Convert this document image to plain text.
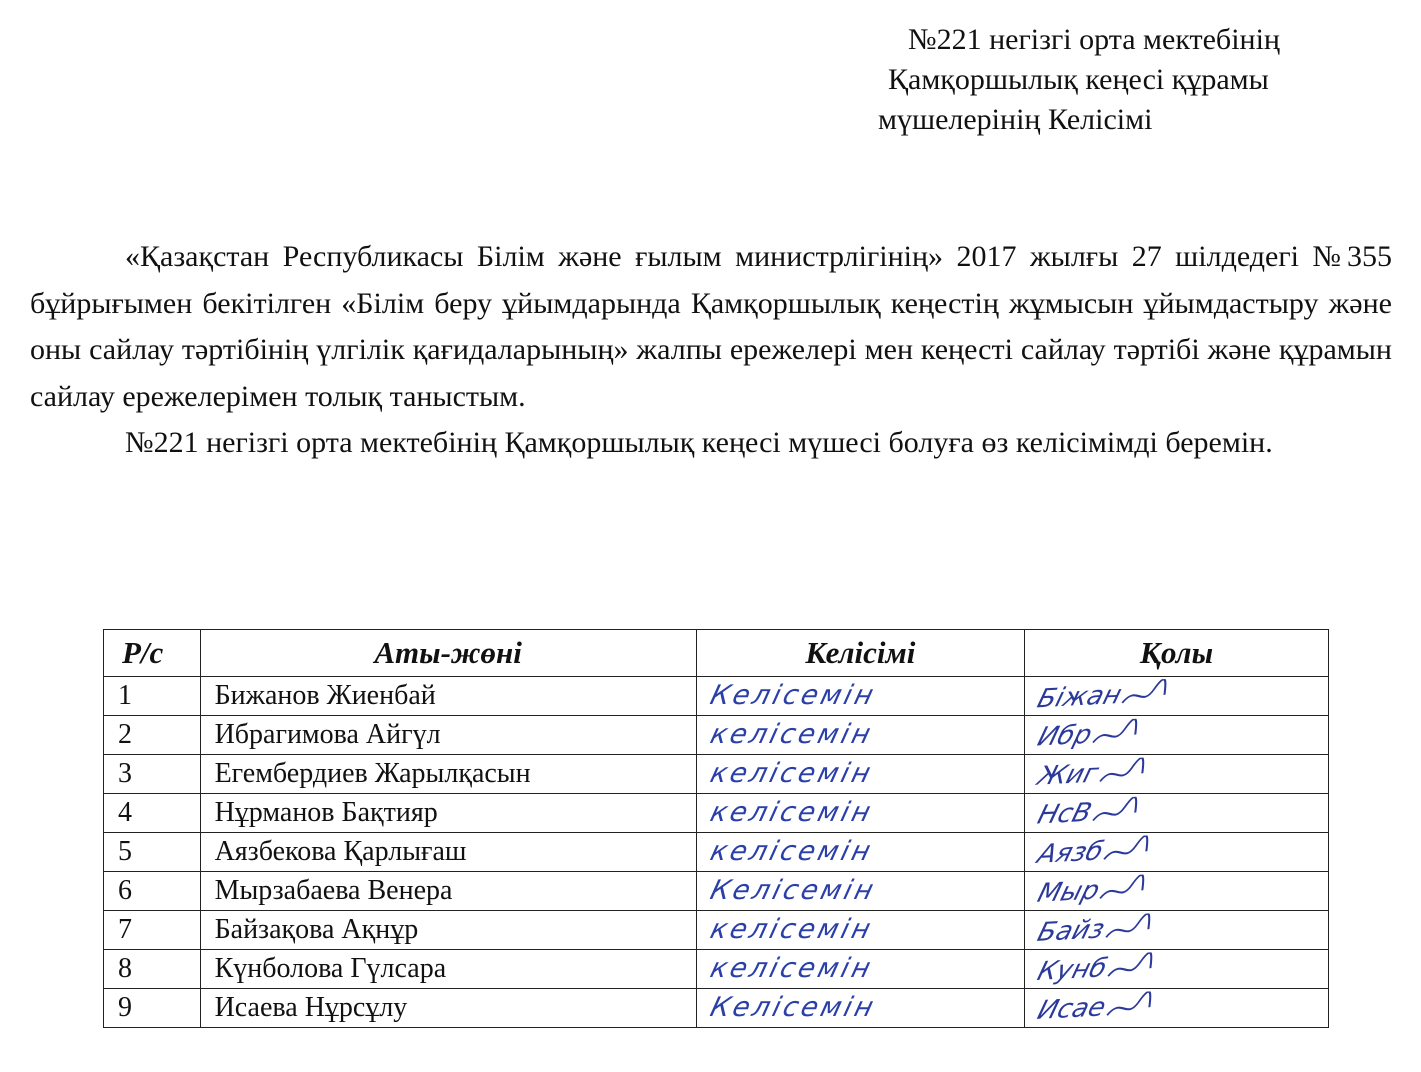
№221 негізгі орта мектебінің
Қамқоршылық кеңесі құрамы
мүшелерінің Келісімі

«Қазақстан Республикасы Білім және ғылым министрлігінің» 2017 жылғы 27 шілдедегі №355 бұйрығымен бекітілген «Білім беру ұйымдарында Қамқоршылық кеңестің жұмысын ұйымдастыру және оны сайлау тәртібінің үлгілік қағидаларының» жалпы ережелері мен кеңесті сайлау тәртібі және құрамын сайлау ережелерімен толық таныстым.

№221 негізгі орта мектебінің Қамқоршылық кеңесі мүшесі болуға өз келісімімді беремін.

Р/с	Аты-жөні	Келісімі	Қолы
1	Бижанов Жиенбай	Келісемін	Біжан
2	Ибрагимова Айгүл	келісемін	Ибр
3	Егембердиев Жарылқасын	келісемін	Жиг
4	Нұрманов Бақтияр	келісемін	НсВ
5	Аязбекова Қарлығаш	келісемін	Аязб
6	Мырзабаева Венера	Келісемін	Мыр
7	Байзақова Ақнұр	келісемін	Байз
8	Күнболова Гүлсара	келісемін	Кунб
9	Исаева Нұрсұлу	Келісемін	Исае
